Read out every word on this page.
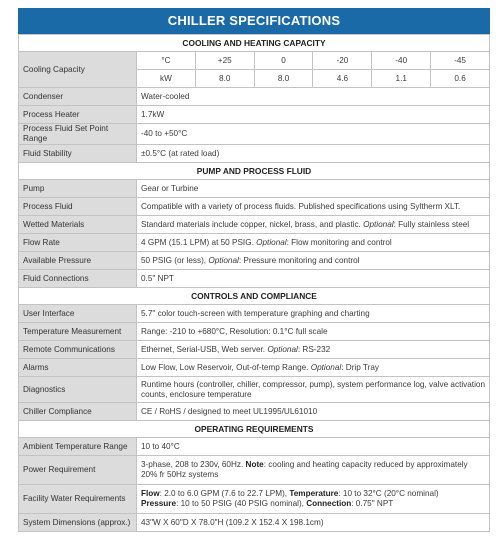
CHILLER SPECIFICATIONS
COOLING AND HEATING CAPACITY						
Cooling Capacity	°C	+25	0	-20	-40	-45
	kW	8.0	8.0	4.6	1.1	0.6
Condenser	Water-cooled					
Process Heater	1.7kW					
Process Fluid Set Point Range	-40 to +50°C					
Fluid Stability	±0.5°C (at rated load)					
PUMP AND PROCESS FLUID						
Pump	Gear or Turbine					
Process Fluid	Compatible with a variety of process fluids. Published specifications using Syltherm XLT.					
Wetted Materials	Standard materials include copper, nickel, brass, and plastic. Optional: Fully stainless steel					
Flow Rate	4 GPM (15.1 LPM) at 50 PSIG. Optional: Flow monitoring and control					
Available Pressure	50 PSIG (or less), Optional: Pressure monitoring and control					
Fluid Connections	0.5" NPT					
CONTROLS AND COMPLIANCE						
User Interface	5.7" color touch-screen with temperature graphing and charting					
Temperature Measurement	Range: -210 to +680°C, Resolution: 0.1°C full scale					
Remote Communications	Ethernet, Serial-USB, Web server. Optional: RS-232					
Alarms	Low Flow, Low Reservoir, Out-of-temp Range. Optional: Drip Tray					
Diagnostics	Runtime hours (controller, chiller, compressor, pump), system performance log, valve activation counts, enclosure temperature					
Chiller Compliance	CE / RoHS / designed to meet UL1995/UL61010					
OPERATING REQUIREMENTS						
Ambient Temperature Range	10 to 40°C					
Power Requirement	3-phase, 208 to 230v, 60Hz. Note: cooling and heating capacity reduced by approximately 20% fr 50Hz systems					
Facility Water Requirements	Flow: 2.0 to 6.0 GPM (7.6 to 22.7 LPM), Temperature: 10 to 32°C (20°C nominal)
Pressure: 10 to 50 PSIG (40 PSIG nominal), Connection: 0.75" NPT					
System Dimensions (approx.)	43"W X 60"D X 78.0"H (109.2 X 152.4 X 198.1cm)					
